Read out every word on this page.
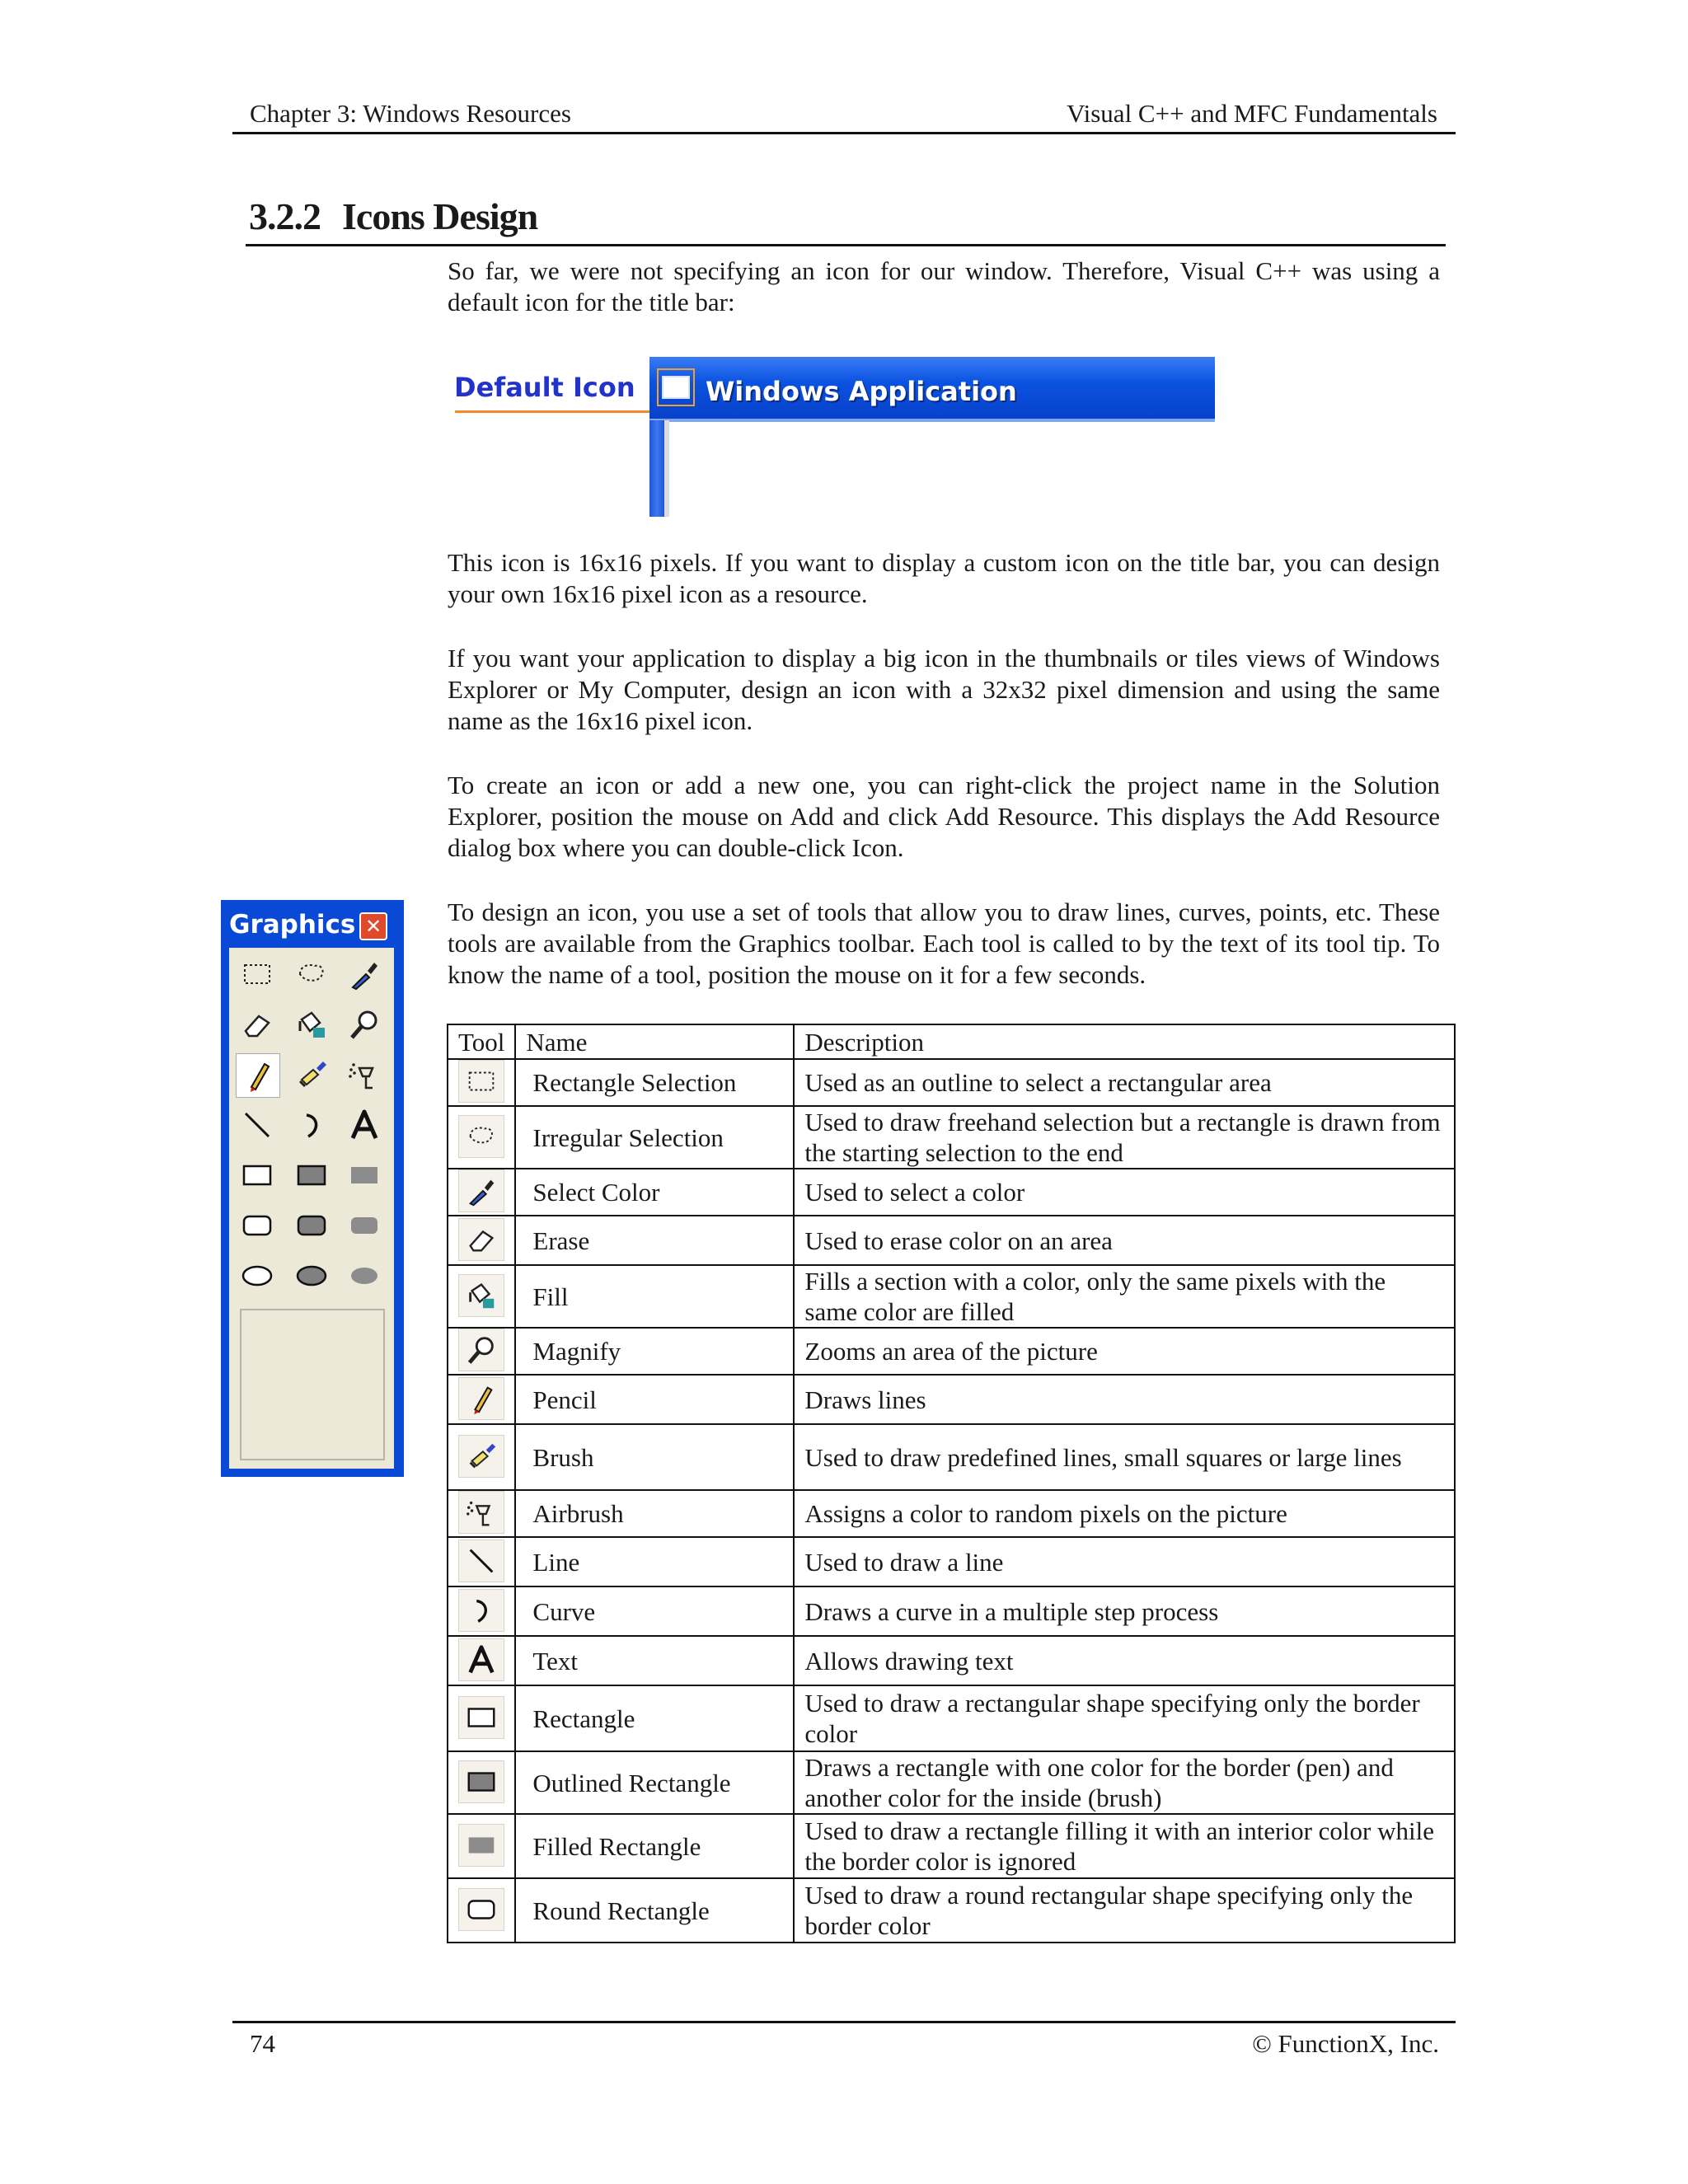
Chapter 3: Windows Resources	Visual C++ and MFC Fundamentals
3.2.2 Icons Design
So far, we were not specifying an icon for our window. Therefore, Visual C++ was using a default icon for the title bar:
Default Icon	Windows Application
This icon is 16x16 pixels. If you want to display a custom icon on the title bar, you can design your own 16x16 pixel icon as a resource.
If you want your application to display a big icon in the thumbnails or tiles views of Windows Explorer or My Computer, design an icon with a 32x32 pixel dimension and using the same name as the 16x16 pixel icon.
To create an icon or add a new one, you can right-click the project name in the Solution Explorer, position the mouse on Add and click Add Resource. This displays the Add Resource dialog box where you can double-click Icon.
To design an icon, you use a set of tools that allow you to draw lines, curves, points, etc. These tools are available from the Graphics toolbar. Each tool is called to by the text of its tool tip. To know the name of a tool, position the mouse on it for a few seconds.
Graphics ✕
Tool	Name	Description

	Rectangle Selection	Used as an outline to select a rectangular area

	Irregular Selection	Used to draw freehand selection but a rectangle is drawn from the starting selection to the end

	Select Color	Used to select a color

	Erase	Used to erase color on an area

	Fill	Fills a section with a color, only the same pixels with the same color are filled

	Magnify	Zooms an area of the picture

	Pencil	Draws lines

	Brush	Used to draw predefined lines, small squares or large lines

	Airbrush	Assigns a color to random pixels on the picture

	Line	Used to draw a line

	Curve	Draws a curve in a multiple step process

	Text	Allows drawing text

	Rectangle	Used to draw a rectangular shape specifying only the border color

	Outlined Rectangle	Draws a rectangle with one color for the border (pen) and another color for the inside (brush)

	Filled Rectangle	Used to draw a rectangle filling it with an interior color while the border color is ignored

	Round Rectangle	Used to draw a round rectangular shape specifying only the border color
74	© FunctionX, Inc.
